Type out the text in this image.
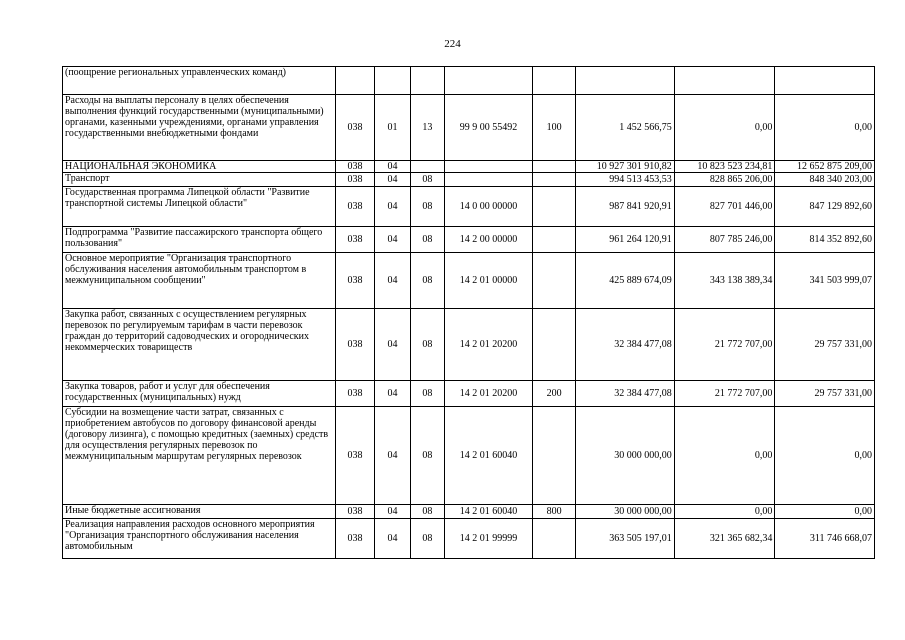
224
(поощрение региональных управленческих команд)								
Расходы на выплаты персоналу в целях обеспечения выполнения функций государственными (муниципальными) органами, казенными учреждениями, органами управления государственными внебюджетными фондами	038	01	13	99 9 00 55492	100	1 452 566,75	0,00	0,00
НАЦИОНАЛЬНАЯ ЭКОНОМИКА	038	04				10 927 301 910,82	10 823 523 234,81	12 652 875 209,00
Транспорт	038	04	08			994 513 453,53	828 865 206,00	848 340 203,00
Государственная программа Липецкой области "Развитие транспортной системы Липецкой области"	038	04	08	14 0 00 00000		987 841 920,91	827 701 446,00	847 129 892,60
Подпрограмма "Развитие пассажирского транспорта общего пользования"	038	04	08	14 2 00 00000		961 264 120,91	807 785 246,00	814 352 892,60
Основное мероприятие "Организация транспортного обслуживания населения автомобильным транспортом в межмуниципальном сообщении"	038	04	08	14 2 01 00000		425 889 674,09	343 138 389,34	341 503 999,07
Закупка работ, связанных с осуществлением регулярных перевозок по регулируемым тарифам в части перевозок граждан до территорий садоводческих и огороднических некоммерческих товариществ	038	04	08	14 2 01 20200		32 384 477,08	21 772 707,00	29 757 331,00
Закупка товаров, работ и услуг для обеспечения государственных (муниципальных) нужд	038	04	08	14 2 01 20200	200	32 384 477,08	21 772 707,00	29 757 331,00
Субсидии на возмещение части затрат, связанных с приобретением автобусов по договору финансовой аренды (договору лизинга), с помощью кредитных (заемных) средств для осуществления регулярных перевозок по межмуниципальным маршрутам регулярных перевозок	038	04	08	14 2 01 60040		30 000 000,00	0,00	0,00
Иные бюджетные ассигнования	038	04	08	14 2 01 60040	800	30 000 000,00	0,00	0,00
Реализация направления расходов основного мероприятия "Организация транспортного обслуживания населения автомобильным	038	04	08	14 2 01 99999		363 505 197,01	321 365 682,34	311 746 668,07
